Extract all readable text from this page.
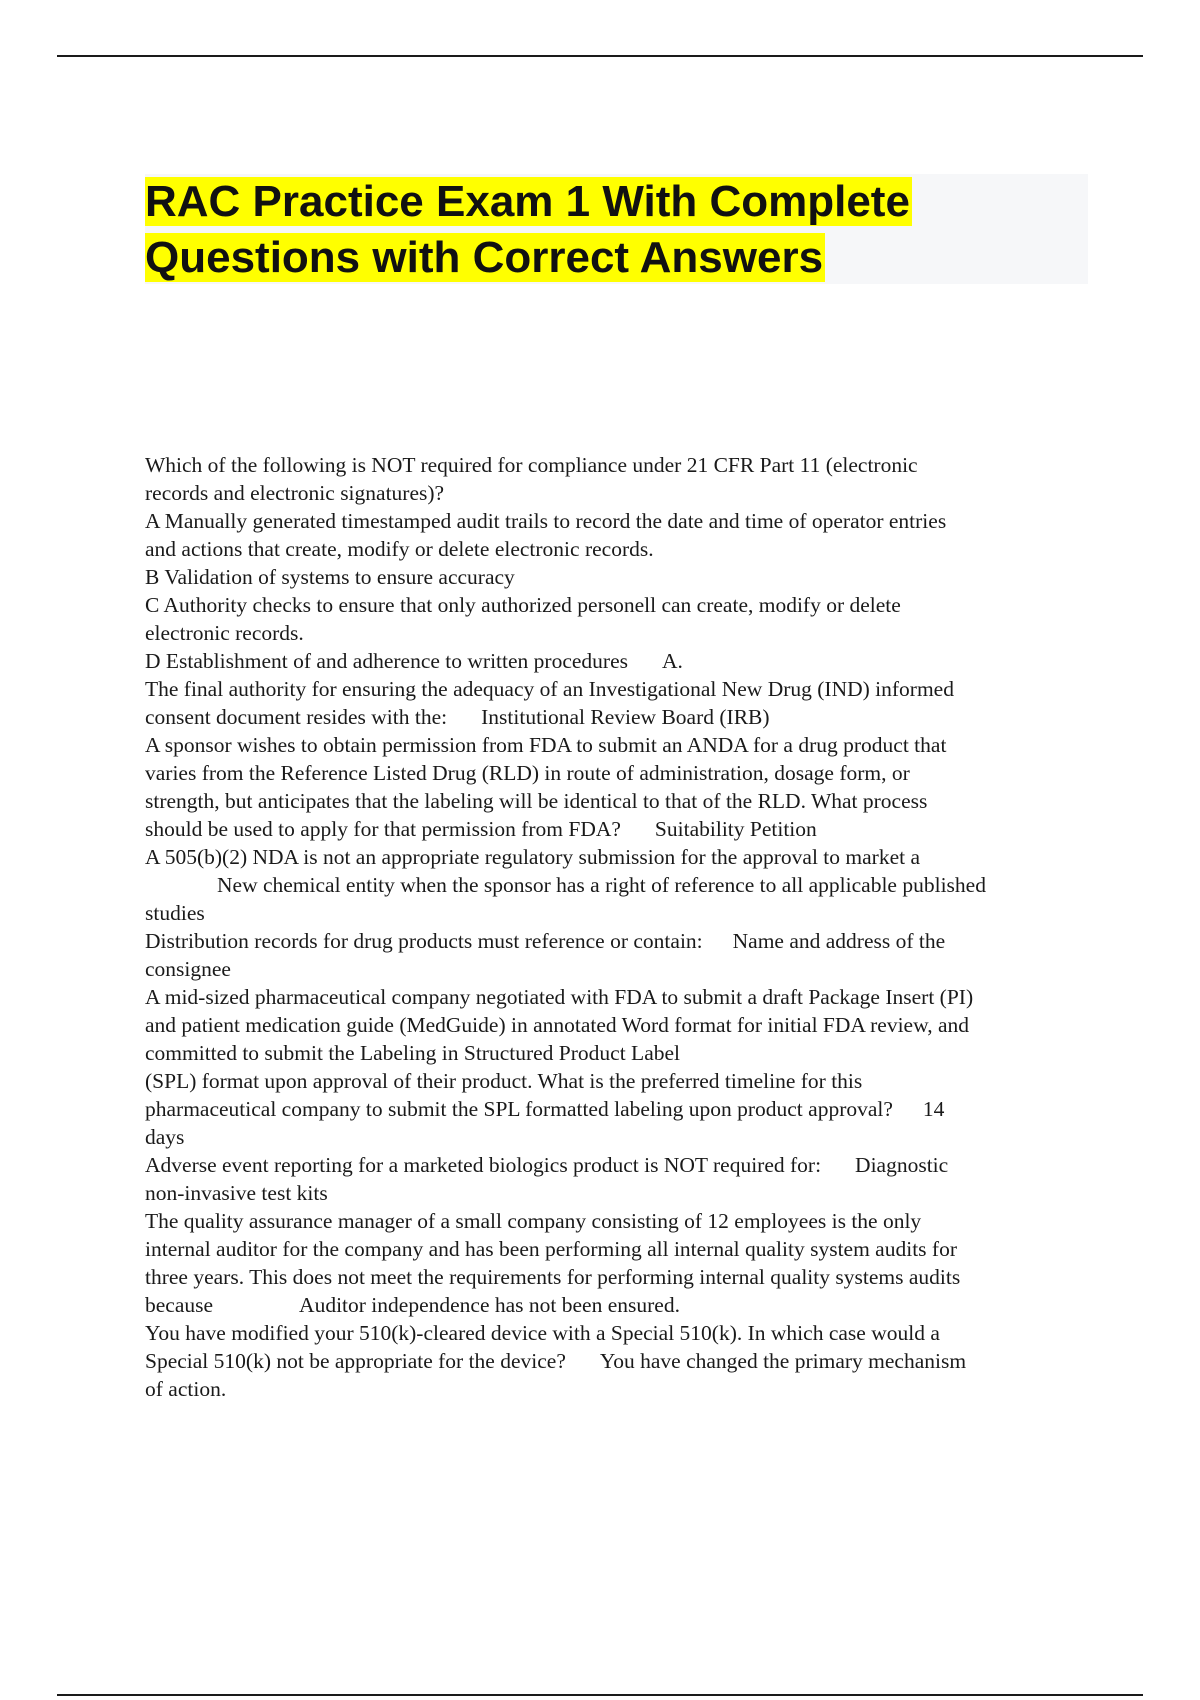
RAC Practice Exam 1 With Complete
Questions with Correct Answers

Which of the following is NOT required for compliance under 21 CFR Part 11 (electronic

records and electronic signatures)?

A Manually generated timestamped audit trails to record the date and time of operator entries

and actions that create, modify or delete electronic records.

B Validation of systems to ensure accuracy

C Authority checks to ensure that only authorized personell can create, modify or delete

electronic records.

D Establishment of and adherence to written procedures A.

The final authority for ensuring the adequacy of an Investigational New Drug (IND) informed

consent document resides with the: Institutional Review Board (IRB)

A sponsor wishes to obtain permission from FDA to submit an ANDA for a drug product that

varies from the Reference Listed Drug (RLD) in route of administration, dosage form, or

strength, but anticipates that the labeling will be identical to that of the RLD. What process

should be used to apply for that permission from FDA? Suitability Petition

A 505(b)(2) NDA is not an appropriate regulatory submission for the approval to market a

New chemical entity when the sponsor has a right of reference to all applicable published

studies

Distribution records for drug products must reference or contain: Name and address of the

consignee

A mid-sized pharmaceutical company negotiated with FDA to submit a draft Package Insert (PI)

and patient medication guide (MedGuide) in annotated Word format for initial FDA review, and

committed to submit the Labeling in Structured Product Label

(SPL) format upon approval of their product. What is the preferred timeline for this

pharmaceutical company to submit the SPL formatted labeling upon product approval? 14

days

Adverse event reporting for a marketed biologics product is NOT required for: Diagnostic

non-invasive test kits

The quality assurance manager of a small company consisting of 12 employees is the only

internal auditor for the company and has been performing all internal quality system audits for

three years. This does not meet the requirements for performing internal quality systems audits

because	Auditor independence has not been ensured.

You have modified your 510(k)-cleared device with a Special 510(k). In which case would a

Special 510(k) not be appropriate for the device? You have changed the primary mechanism

of action.
